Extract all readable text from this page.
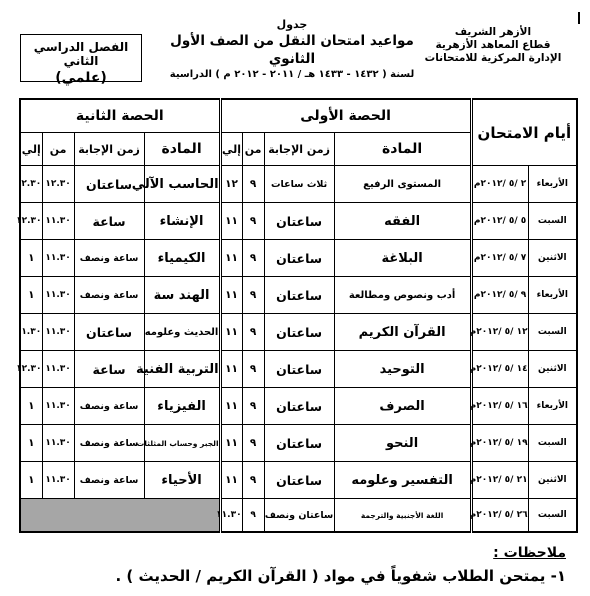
الأزهر الشريف
قطاع المعاهد الأزهرية
الإدارة المركزية للامتحانات
جدول
مواعيد امتحان النقل من الصف الأول الثانوي
لسنة ( ١٤٣٢ - ١٤٣٣ هـ / ٢٠١١ - ٢٠١٢ م ) الدراسية
الفصل الدراسي الثاني
(علمي)
أيام الامتحان		الحصة الأولى				الحصة الثانية			
		المادة	زمن الإجابة	من	إلي	المادة	زمن الإجابة	من	إلي
الأربعاء	٢ /٥ /٢٠١٢م	المستوى الرفيع	ثلاث ساعات	٩	١٢	الحاسب الآلي	ساعتان	١٢.٣٠	٢.٣٠
السبت	٥ /٥ /٢٠١٢م	الفقه	ساعتان	٩	١١	الإنشاء	ساعة	١١.٣٠	١٢.٣٠
الاثنين	٧ /٥ /٢٠١٢م	البلاغة	ساعتان	٩	١١	الكيمياء	ساعة ونصف	١١.٣٠	١
الأربعاء	٩ /٥ /٢٠١٢م	أدب ونصوص ومطالعة	ساعتان	٩	١١	الهند سة	ساعة ونصف	١١.٣٠	١
السبت	١٢ /٥ /٢٠١٢م	القرآن الكريم	ساعتان	٩	١١	الحديث وعلومه	ساعتان	١١.٣٠	١.٣٠
الاثنين	١٤ /٥ /٢٠١٢م	التوحيد	ساعتان	٩	١١	التربية الفنية	ساعة	١١.٣٠	١٢.٣٠
الأربعاء	١٦ /٥ /٢٠١٢م	الصرف	ساعتان	٩	١١	الفيزياء	ساعة ونصف	١١.٣٠	١
السبت	١٩ /٥ /٢٠١٢م	النحو	ساعتان	٩	١١	الجبر وحساب المثلثات	ساعة ونصف	١١.٣٠	١
الاثنين	٢١ /٥ /٢٠١٢م	التفسير وعلومه	ساعتان	٩	١١	الأحياء	ساعة ونصف	١١.٣٠	١
السبت	٢٦ /٥ /٢٠١٢م	اللغة الأجنبية والترجمة	ساعتان ونصف	٩	١١.٣٠				
ملاحظات :
١- يمتحن الطلاب شفوياً في مواد ( القرآن الكريم / الحديث ) .
